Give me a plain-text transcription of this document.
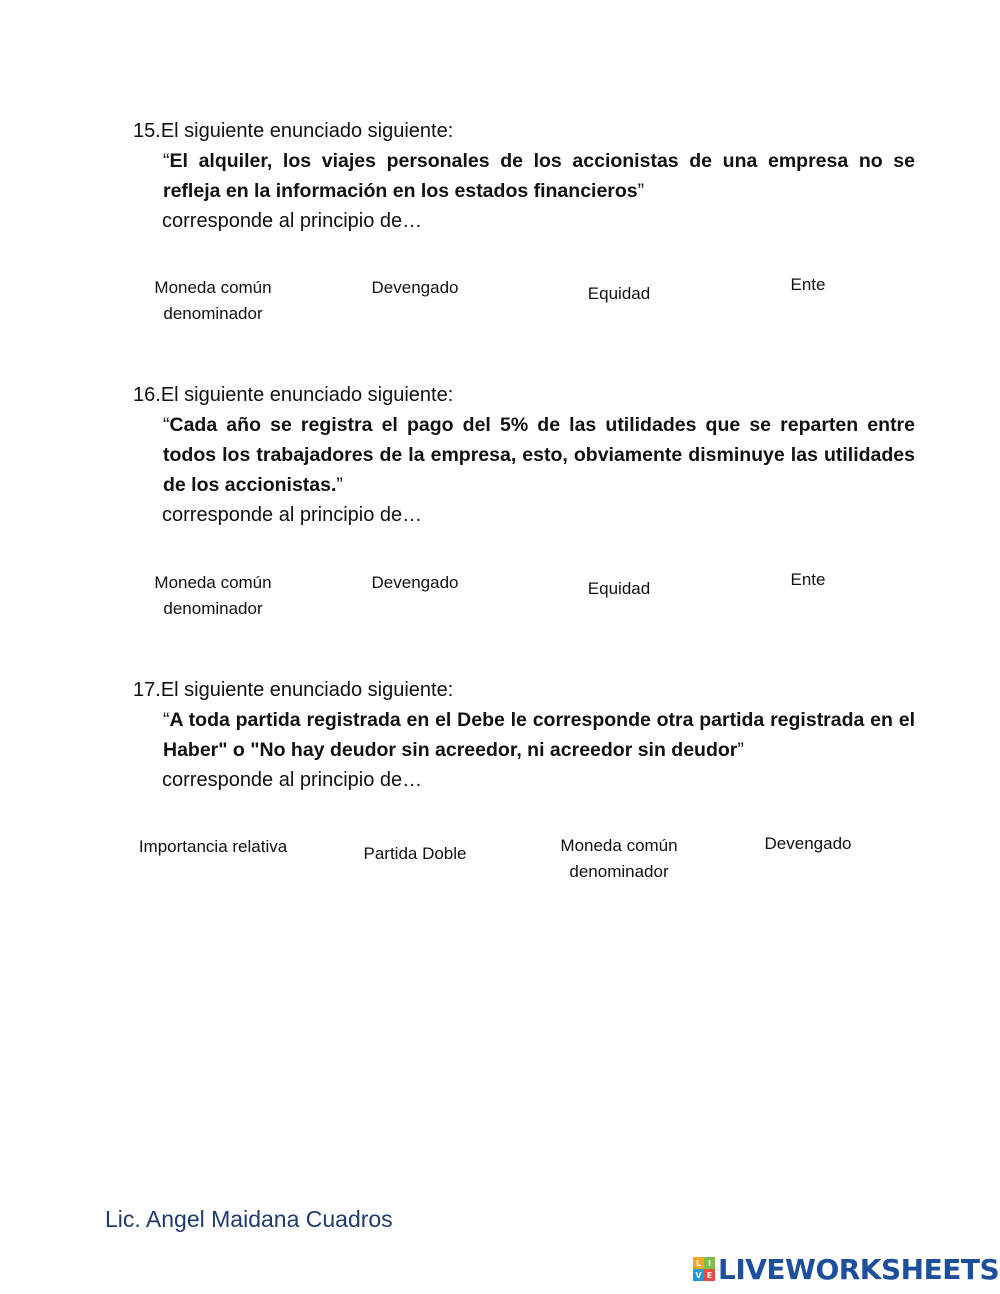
15.El siguiente enunciado siguiente:
“El alquiler, los viajes personales de los accionistas de una empresa no se refleja en la información en los estados financieros”
corresponde al principio de…
Moneda común denominador
Devengado	Equidad	Ente
16.El siguiente enunciado siguiente:
“Cada año se registra el pago del 5% de las utilidades que se reparten entre todos los trabajadores de la empresa, esto, obviamente disminuye las utilidades de los accionistas.”
corresponde al principio de…
Moneda común denominador
Devengado	Equidad	Ente
17.El siguiente enunciado siguiente:
“A toda partida registrada en el Debe le corresponde otra partida registrada en el Haber" o "No hay deudor sin acreedor, ni acreedor sin deudor”
corresponde al principio de…
Importancia relativa	Partida Doble	Moneda común denominador
Devengado
Lic. Angel Maidana Cuadros
L I
V E LIVEWORKSHEETS
